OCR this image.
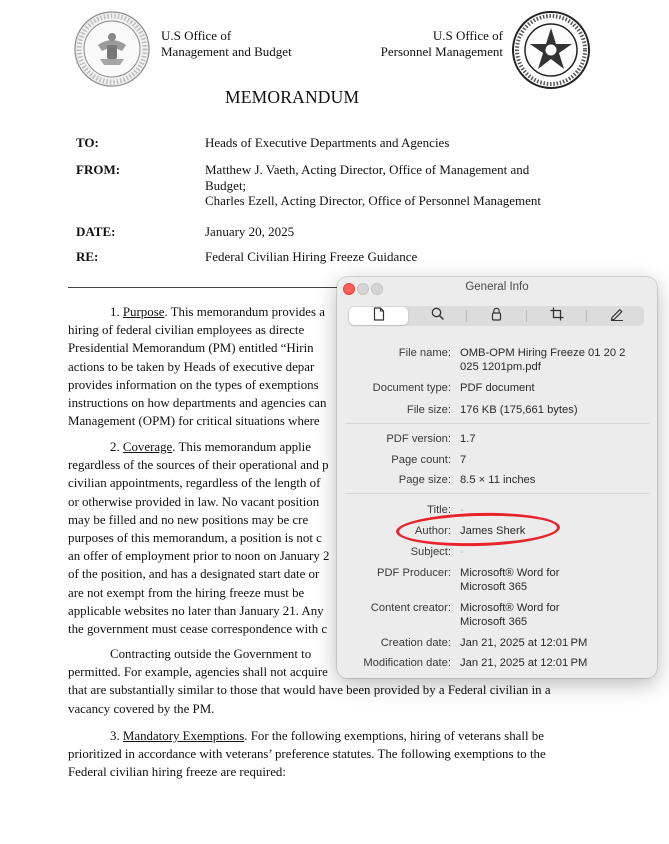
U.S Office of
Management and Budget
U.S Office of
Personnel Management
MEMORANDUM
TO:	Heads of Executive Departments and Agencies
FROM:	Matthew J. Vaeth, Acting Director, Office of Management and
Budget;
Charles Ezell, Acting Director, Office of Personnel Management
DATE:	January 20, 2025
RE:	Federal Civilian Hiring Freeze Guidance
1. Purpose. This memorandum provides a
hiring of federal civilian employees as directe
Presidential Memorandum (PM) entitled “Hirin
actions to be taken by Heads of executive depar
provides information on the types of exemptions
instructions on how departments and agencies can
Management (OPM) for critical situations where
2. Coverage. This memorandum applie
regardless of the sources of their operational and p
civilian appointments, regardless of the length of
or otherwise provided in law. No vacant position
may be filled and no new positions may be cre
purposes of this memorandum, a position is not c
an offer of employment prior to noon on January 2
of the position, and has a designated start date or
are not exempt from the hiring freeze must be
applicable websites no later than January 21. Any
the government must cease correspondence with c
Contracting outside the Government to
permitted. For example, agencies shall not acquire
that are substantially similar to those that would have been provided by a Federal civilian in a
vacancy covered by the PM.
3. Mandatory Exemptions. For the following exemptions, hiring of veterans shall be
prioritized in accordance with veterans’ preference statutes. The following exemptions to the
Federal civilian hiring freeze are required:
General Info
File name: OMB-OPM Hiring Freeze 01 20 2
025 1201pm.pdf
Document type: PDF document
File size: 176 KB (175,661 bytes)
PDF version: 1.7
Page count: 7
Page size: 8.5 × 11 inches
Title: -
Author: James Sherk
Subject: -
PDF Producer: Microsoft® Word for
Microsoft 365
Content creator: Microsoft® Word for
Microsoft 365
Creation date: Jan 21, 2025 at 12:01 PM
Modification date: Jan 21, 2025 at 12:01 PM
